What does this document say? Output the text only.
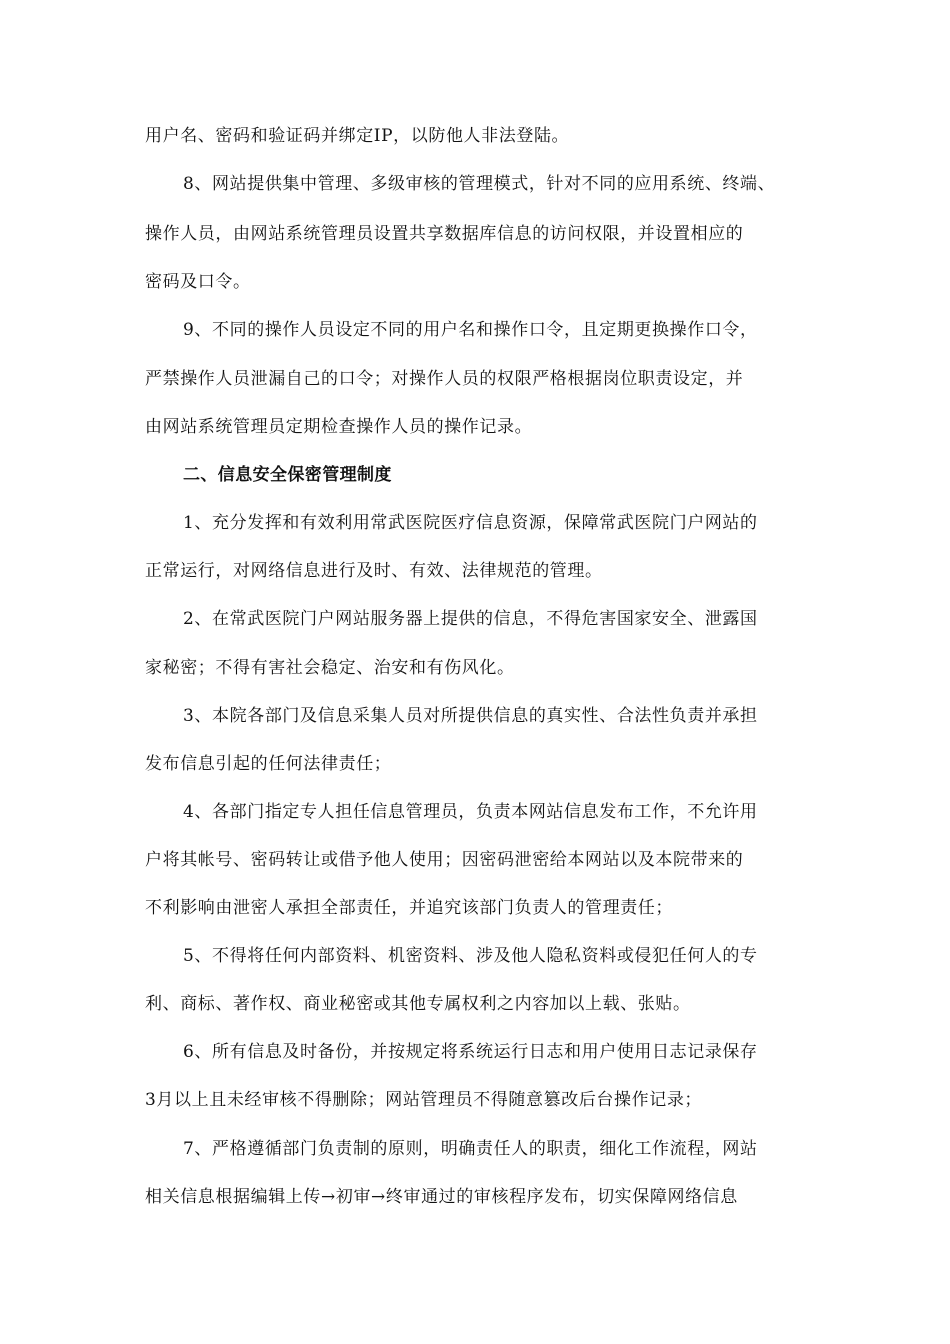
用户名、密码和验证码并绑定IP，以防他人非法登陆。
8、网站提供集中管理、多级审核的管理模式，针对不同的应用系统、终端、
操作人员，由网站系统管理员设置共享数据库信息的访问权限，并设置相应的
密码及口令。
9、不同的操作人员设定不同的用户名和操作口令，且定期更换操作口令，
严禁操作人员泄漏自己的口令；对操作人员的权限严格根据岗位职责设定，并
由网站系统管理员定期检查操作人员的操作记录。
二、信息安全保密管理制度
1、充分发挥和有效利用常武医院医疗信息资源，保障常武医院门户网站的
正常运行，对网络信息进行及时、有效、法律规范的管理。
2、在常武医院门户网站服务器上提供的信息，不得危害国家安全、泄露国
家秘密；不得有害社会稳定、治安和有伤风化。
3、本院各部门及信息采集人员对所提供信息的真实性、合法性负责并承担
发布信息引起的任何法律责任；
4、各部门指定专人担任信息管理员，负责本网站信息发布工作，不允许用
户将其帐号、密码转让或借予他人使用；因密码泄密给本网站以及本院带来的
不利影响由泄密人承担全部责任，并追究该部门负责人的管理责任；
5、不得将任何内部资料、机密资料、涉及他人隐私资料或侵犯任何人的专
利、商标、著作权、商业秘密或其他专属权利之内容加以上载、张贴。
6、所有信息及时备份，并按规定将系统运行日志和用户使用日志记录保存
3月以上且未经审核不得删除；网站管理员不得随意篡改后台操作记录；
7、严格遵循部门负责制的原则，明确责任人的职责，细化工作流程，网站
相关信息根据编辑上传→初审→终审通过的审核程序发布，切实保障网络信息
